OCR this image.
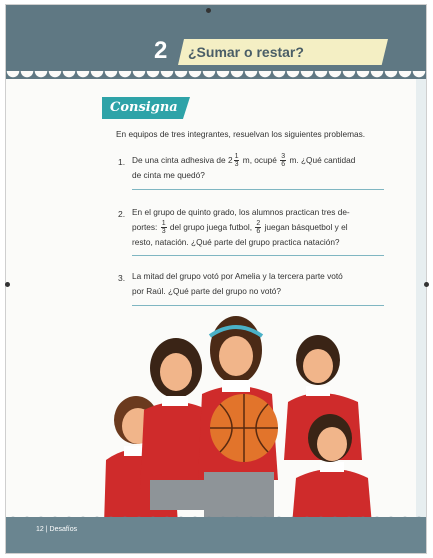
2 ¿Sumar o restar?
Consigna
En equipos de tres integrantes, resuelvan los siguientes problemas.
1. De una cinta adhesiva de $2 \frac{1}{3} m$, ocupé $\frac{3}{6} m$. ¿Qué cantidad
de cinta me quedó?
2. En el grupo de quinto grado, los alumnos practican tres de-
portes: $\frac{1}{3}$ del grupo juega futbol, $\frac{2}{6}$ juegan básquetbol y el
resto, natación. ¿Qué parte del grupo practica natación?
3. La mitad del grupo votó por Amelia y la tercera parte votó
por Raúl. ¿Qué parte del grupo no votó?
12 | Desafíos
